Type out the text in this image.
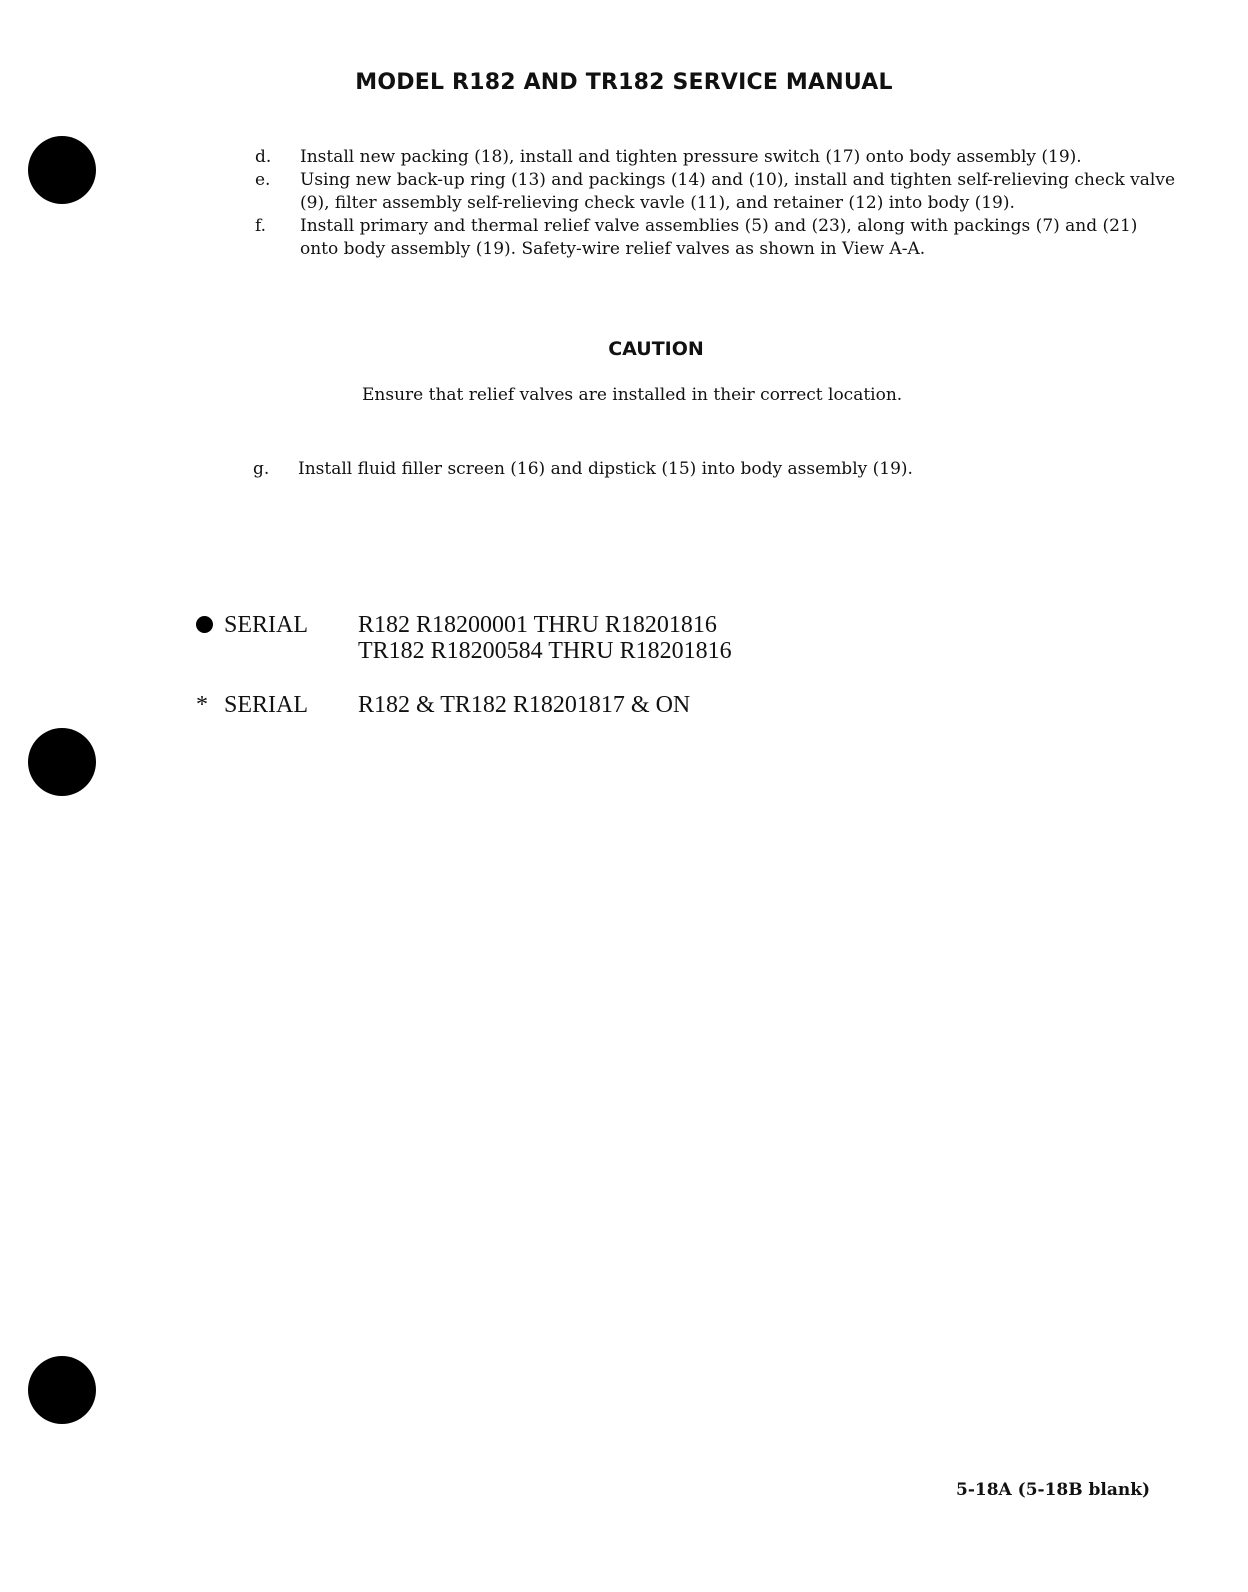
MODEL R182 AND TR182 SERVICE MANUAL

d. Install new packing (18), install and tighten pressure switch (17) onto body assembly (19).

e. Using new back-up ring (13) and packings (14) and (10), install and tighten self-relieving check valve (9), filter assembly self-relieving check vavle (11), and retainer (12) into body (19).

f. Install primary and thermal relief valve assemblies (5) and (23), along with packings (7) and (21) onto body assembly (19). Safety-wire relief valves as shown in View A-A.

CAUTION
Ensure that relief valves are installed in their correct location.
g. Install fluid filler screen (16) and dipstick (15) into body assembly (19).
SERIAL R182 R18200001 THRU R18201816
TR182 R18200584 THRU R18201816
* SERIAL R182 & TR182 R18201817 & ON
5-18A (5-18B blank)
